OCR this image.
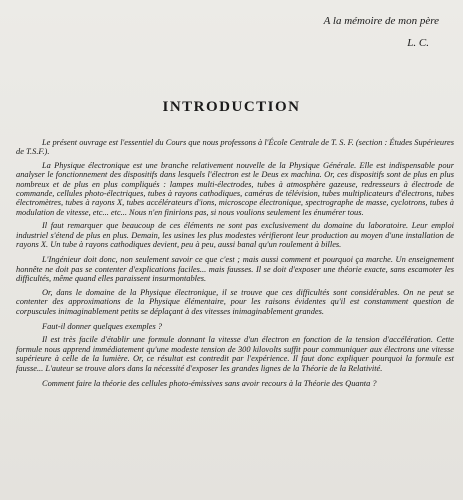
A la mémoire de mon père
L. C.
INTRODUCTION

Le présent ouvrage est l'essentiel du Cours que nous professons à l'École Centrale de T. S. F. (section : Études Supérieures de T.S.F.).

La Physique électronique est une branche relativement nouvelle de la Physique Générale. Elle est indispensable pour analyser le fonctionnement des dispositifs dans lesquels l'électron est le Deus ex machina. Or, ces dispositifs sont de plus en plus nombreux et de plus en plus compliqués : lampes multi-électrodes, tubes à atmosphère gazeuse, redresseurs à électrode de commande, cellules photo-électriques, tubes à rayons cathodiques, caméras de télévision, tubes multiplicateurs d'électrons, tubes électromètres, tubes à rayons X, tubes accélérateurs d'ions, microscope électronique, spectrographe de masse, cyclotrons, tubes à modulation de vitesse, etc... etc... Nous n'en finirions pas, si nous voulions seulement les énumérer tous.

Il faut remarquer que beaucoup de ces éléments ne sont pas exclusivement du domaine du laboratoire. Leur emploi industriel s'étend de plus en plus. Demain, les usines les plus modestes vérifieront leur production au moyen d'une installation de rayons X. Un tube à rayons cathodiques devient, peu à peu, aussi banal qu'un roulement à billes.

L'Ingénieur doit donc, non seulement savoir ce que c'est ; mais aussi comment et pourquoi ça marche. Un enseignement honnête ne doit pas se contenter d'explications faciles... mais fausses. Il se doit d'exposer une théorie exacte, sans escamoter les difficultés, même quand elles paraissent insurmontables.

Or, dans le domaine de la Physique électronique, il se trouve que ces difficultés sont considérables. On ne peut se contenter des approximations de la Physique élémentaire, pour les raisons évidentes qu'il est constamment question de corpuscules inimaginablement petits se déplaçant à des vitesses inimaginablement grandes.

Faut-il donner quelques exemples ?

Il est très facile d'établir une formule donnant la vitesse d'un électron en fonction de la tension d'accélération. Cette formule nous apprend immédiatement qu'une modeste tension de 300 kilovolts suffit pour communiquer aux électrons une vitesse supérieure à celle de la lumière. Or, ce résultat est contredit par l'expérience. Il faut donc expliquer pourquoi la formule est fausse... L'auteur se trouve alors dans la nécessité d'exposer les grandes lignes de la Théorie de la Relativité.

Comment faire la théorie des cellules photo-émissives sans avoir recours à la Théorie des Quanta ?
